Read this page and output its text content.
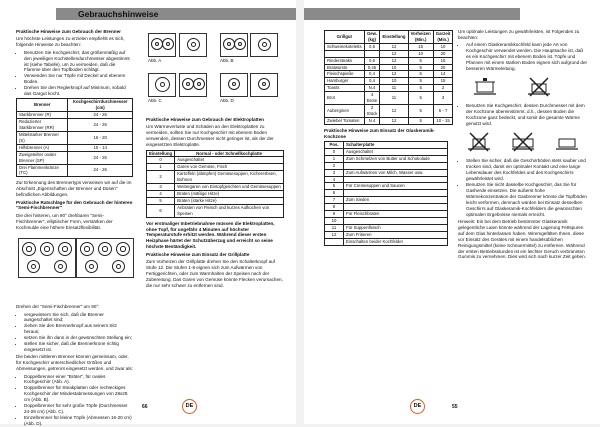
Gebrauchshinweise

Praktische Hinweise zum Gebrauch der Brenner

Um höchste Leistungen zu erzielen empfiehlt es sich, folgende Hinweise zu beachten:

• Benutzen Sie Kochgeschirr, das größenmäßig auf den jeweiligen Kochstellendurchmesser abgestimmt ist (siehe Tabelle), um zu vermeiden, daß die Flamme über den Topfboden schlägt.
• Verwenden Sie nur Töpfe mit Deckel und ebenem Boden.
• Drehen Sie den Reglerknopf auf Minimum, sobald das Gargut kocht.
Brenner	Kochgeschirrdurchmesser (cm)
Starkbrenner (R)	24 - 26
Reduzierter Starkbrenner (RR)	24 - 26
Mittelstarker Brenner (S)	16 - 20
Hilfsbrenner (A)	10 - 14
Zweigeteilter ovaler Brenner (SP)	24 - 26
Drei Flammenkränze (TC)	24 - 26

Zur Erkennung des Brennertyps verweisen wir auf die im Abschnitt „Eigenschaften der Brenner und Düsen" befindlichen Abbildungen.

Praktische Ratschläge für den Gebrauch der hinteren "Semi-Fischbrenner"

Die drei hinteren, um 90° drehbaren "Semi-Fischbrenner", elliptischer Form, verstärken der Kochmulde eine höhere Einsatzflexibilität.

Drehen der "Semi-Fischbrenner" um 90°:

• vergewissern Sie sich, daß die Brenner ausgeschaltet sind;
• ziehen Sie den Brennerknopf aus seinem Sitz heraus;
• setzen Sie ihn dann in der gewünschten Stellung ein;
• stellen Sie sicher, daß die Brennerkrone richtig eingesetzt ist.

Die beiden mittleren Brenner können gemeinsam, oder, für Kochgeschirr unterschiedlicher Größen und Abmessungen, getrennt eingesetzt werden, und zwar als:

• Doppelbrenner einer "Bräter", für ovales Kochgeschirr (Abb. A).
• Doppelbrenner für Steakplatten oder rechteckiges Kochgeschirr der Mindestabmessungen von 28x28 cm (Abb. B).
• Doppelbrenner für sehr große Töpfe (Durchmesser 24-28 cm) (Abb. C).
• Einzelbrenner für kleine Töpfe (Abmessen 16-20 cm) (Abb. D).
Abb. A	Abb. B
Abb. C	Abb. D

Praktische Hinweise zum Gebrauch der Elektroplatten

Um Wärmeverluste und Schäden an den Elektroplatten zu vermeiden, sollten Sie nur Kochgeschirr mit ebenem Boden verwenden, dessen Durchmesser nicht geringer ist, als der der eingesetzten Elektroplatte.

Einstellung	Normal - oder Schnellkochplatte
0	Ausgeschaltet
1	Garen von Gemüse, Fisch
2	Kartoffeln (dämpfen) Gemüsesuppen, Kichererbsen, Bohnen
3	Weitergaren von Eintopfgerichten und Gemüsesuppen
4	Braten (mäßige Hitze)
5	Braten (starke Hitze)
6	Anbraten von Fleisch und kurzes Aufkochen von Speisen

Vor erstmaliger Inbetriebnahme müssen die Elektroplatten, ohne Topf, für ungefähr 4 Minuten auf höchster Temperaturstufe erhitzt werden. Während dieser ersten Heizphase härtet der Schutzüberzug und erreicht so seine höchste Beständigkeit.

Praktische Hinweise zum Einsatz der Grillplatte

Zum Vorheizen der Grillplatte drehen Sie den Schalterknopf auf Stufe 12. Die Stufen 1-8 eignen sich zum Aufwärmen von Fertiggerichten, oder zum Warmhalten der Speisen nach der Zubereitung. Das Garen von Gemüse könnte Flecken verursachen, die nur sehr schwer zu entfernen sind.

66	DE
Grillgut	Gew. (kg)	Einstellung	Vorheizen (Min.)	Garzeit (Min.)
Schweinekoteletts	0,5	12	15	10
		12	10	20
Rindersteaks	0,6	12	5	15
Bratwürste	0,45	10	5	20
Fleischspieße	0,4	12	5	14
Hamburger	0,4	10	5	15
Toasts	N.4	11	5	2
Brot	4 Brote	11	5	3
Auberginen	2 Stück	12	5	5 - 7
Zwiebel Tomaten	N.4	12	5	10 - 15

Praktische Hinweise zum Einsatz der Glaskeramik-Kochzone

Pos.	Schalterplatte
0	Ausgeschaltet
1	Zum Schmelzen von Butter und Schokolade
2	
3	Zum Aufwärmen von Milch, Wasser usw.
4	
5	Für Cremesuppen und Saucen
6	
7	Zum Sieden
8	
9	Für Fleischbraten
10	
11	Für Suppenfleisch
12	Zum Fritieren
	Einschalten beider Kochfelder

Um optimale Leistungen zu gewährleisten, ist Folgendes zu beachten:

• Auf einem Glaskeramikkochfeld kann jede Art von Kochgeschirr verwendet werden. Die Hauptsache ist, daß es ein Kochgeschirr mit ebenem Boden ist. Töpfe und Pfannen mit einem starken Boden eignen sich aufgrund der besseren Wärmeleitung.
• Benutzen Sie Kochgeschirr, dessen Durchmesser mit dem der Kochzone übereinstimmt, d.h., dessen Boden die Kochzone ganz bedeckt, und somit die gesamte Wärme genutzt wird.
• Stellen Sie sicher, daß die Geschirrböden stets sauber und trocken sind, damit ein optimaler Kontakt und eine lange Lebensdauer des Kochfeldes und des Kochgeschirrs gewährleistet wird.
• Benutzen Sie nicht dasselbe Kochgeschirr, das Sie für Gasherde einsetzen. Die äußerst hohe Wärmekonzentration der Gasbrenner könnte die Topfböden leicht verformen, demnach würden bei Einsatz desselben Geschirrs auf Glaskeramik-Kochfeldern die gewünschten optimalen Ergebnisse niemals erreicht.

Hinweis: Ein bei dem Betrieb bestimmter Glaskeramik gelegentliche Laien könnte während der Lagerung Fettspuren auf dem Glas hinterlassen haben. Wiremgefälten Ihnen, diese vor Einsatz des Gerätes mit einem handelsüblichen Reinigungsmittel (keine Scheuermittel) zu entfernen. Während der ersten Betriebsstunden ist ein leichter Geruch verbrannten Gummis zu vernehmen. Dies wird sich nach kurzer Zeit geben.

55
DE
